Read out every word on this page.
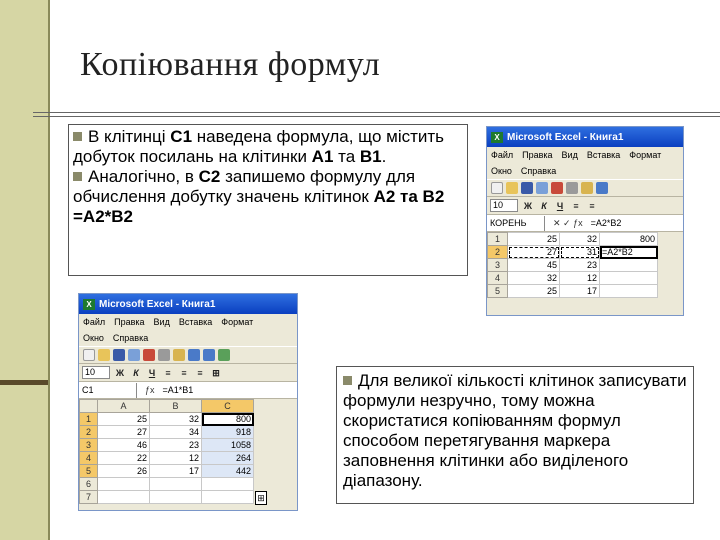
Копіювання формул
В клітинці С1 наведена формула, що містить добуток посилань на клітинки А1 та В1.
Аналогічно, в С2 запишемо формулу для обчислення добутку значень клітинок А2 та В2 =А2*В2
X Microsoft Excel - Книга1
Файл Правка Вид Вставка Формат
Окно Справка
10	Ж	К	Ч	≡	≡
КОРЕНЬ	✕ ✓ ƒx =А2*В2
1	25	32	800
2	27	31	=А2*В2
3	45	23	
4	32	12	
5	25	17	
X Microsoft Excel - Книга1
Файл Правка Вид Вставка Формат
Окно Справка
10	Ж	К	Ч	≡	≡	≡	⊞
С1	ƒx =А1*В1
	A	B	C
1	25	32	800
2	27	34	918
3	46	23	1058
4	22	12	264
5	26	17	442
6			
7				⊞
Для великої кількості клітинок записувати формули незручно, тому можна скористатися копіюванням формул способом перетягування маркера заповнення клітинки або виділеного діапазону.
